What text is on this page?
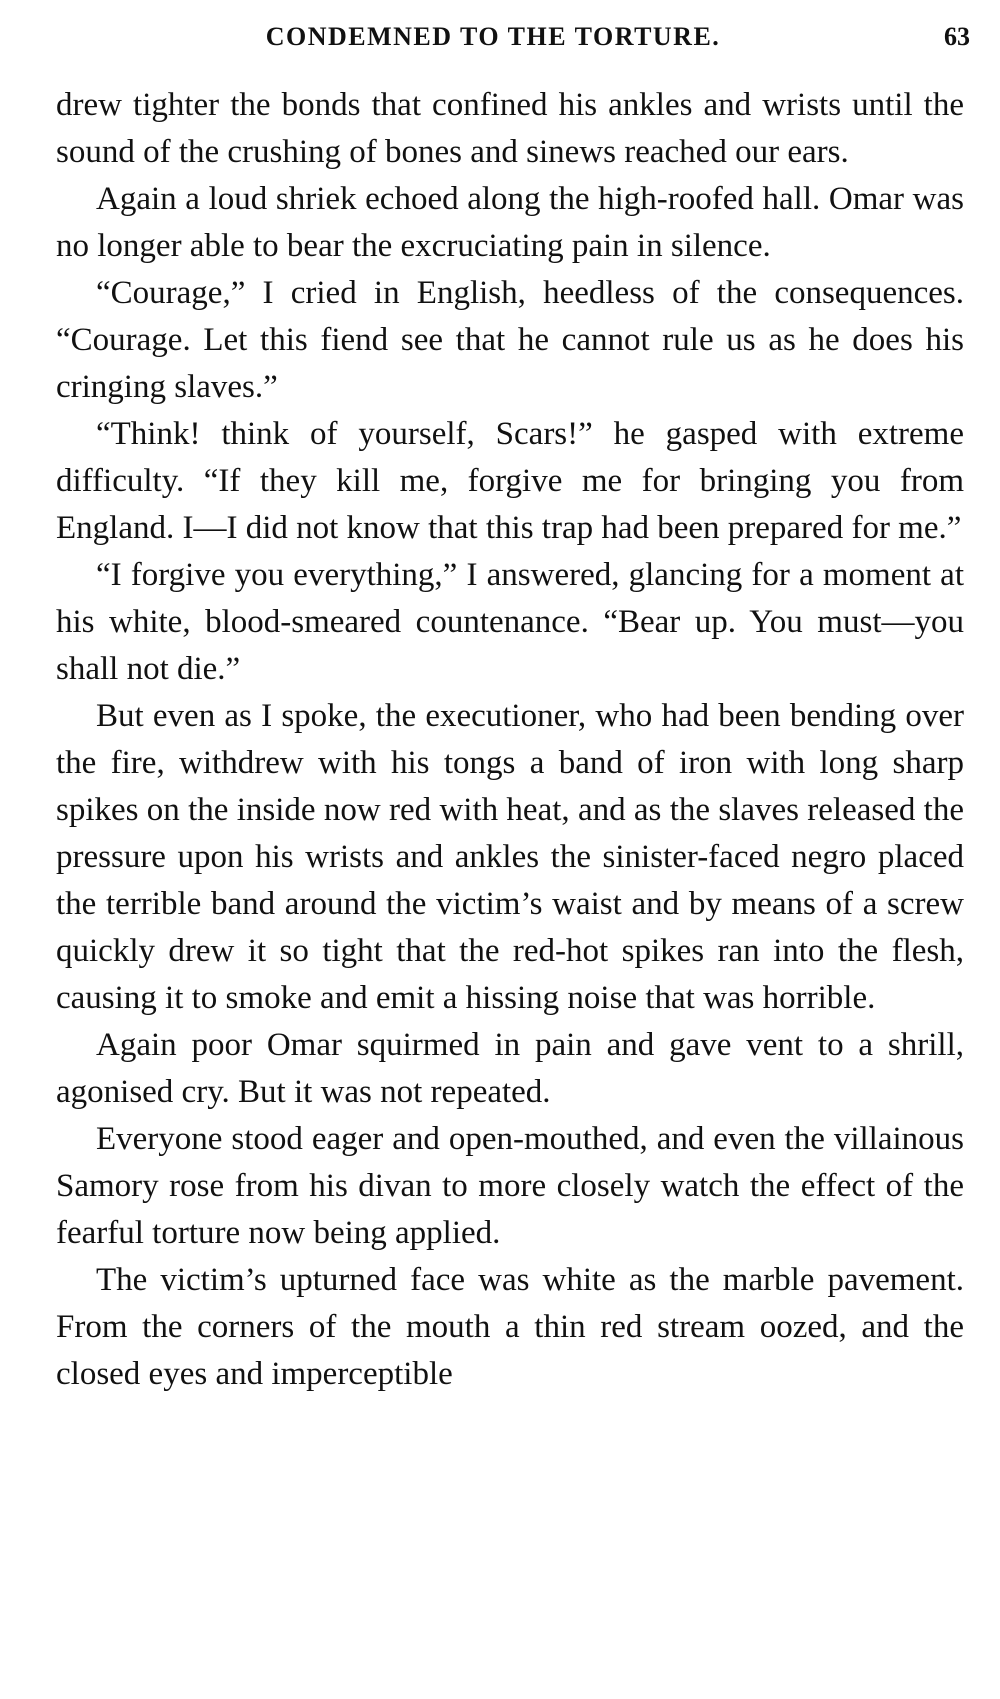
CONDEMNED TO THE TORTURE.	63

drew tighter the bonds that confined his ankles and wrists until the sound of the crushing of bones and sinews reached our ears.

Again a loud shriek echoed along the high-roofed hall. Omar was no longer able to bear the excruciating pain in silence.

“Courage,” I cried in English, heedless of the consequences. “Courage. Let this fiend see that he cannot rule us as he does his cringing slaves.”

“Think! think of yourself, Scars!” he gasped with extreme difficulty. “If they kill me, forgive me for bringing you from England. I—I did not know that this trap had been prepared for me.”

“I forgive you everything,” I answered, glancing for a moment at his white, blood-smeared countenance. “Bear up. You must—you shall not die.”

But even as I spoke, the executioner, who had been bending over the fire, withdrew with his tongs a band of iron with long sharp spikes on the inside now red with heat, and as the slaves released the pressure upon his wrists and ankles the sinister-faced negro placed the terrible band around the victim’s waist and by means of a screw quickly drew it so tight that the red-hot spikes ran into the flesh, causing it to smoke and emit a hissing noise that was horrible.

Again poor Omar squirmed in pain and gave vent to a shrill, agonised cry. But it was not repeated.

Everyone stood eager and open-mouthed, and even the villainous Samory rose from his divan to more closely watch the effect of the fearful torture now being applied.

The victim’s upturned face was white as the marble pavement. From the corners of the mouth a thin red stream oozed, and the closed eyes and imperceptible
